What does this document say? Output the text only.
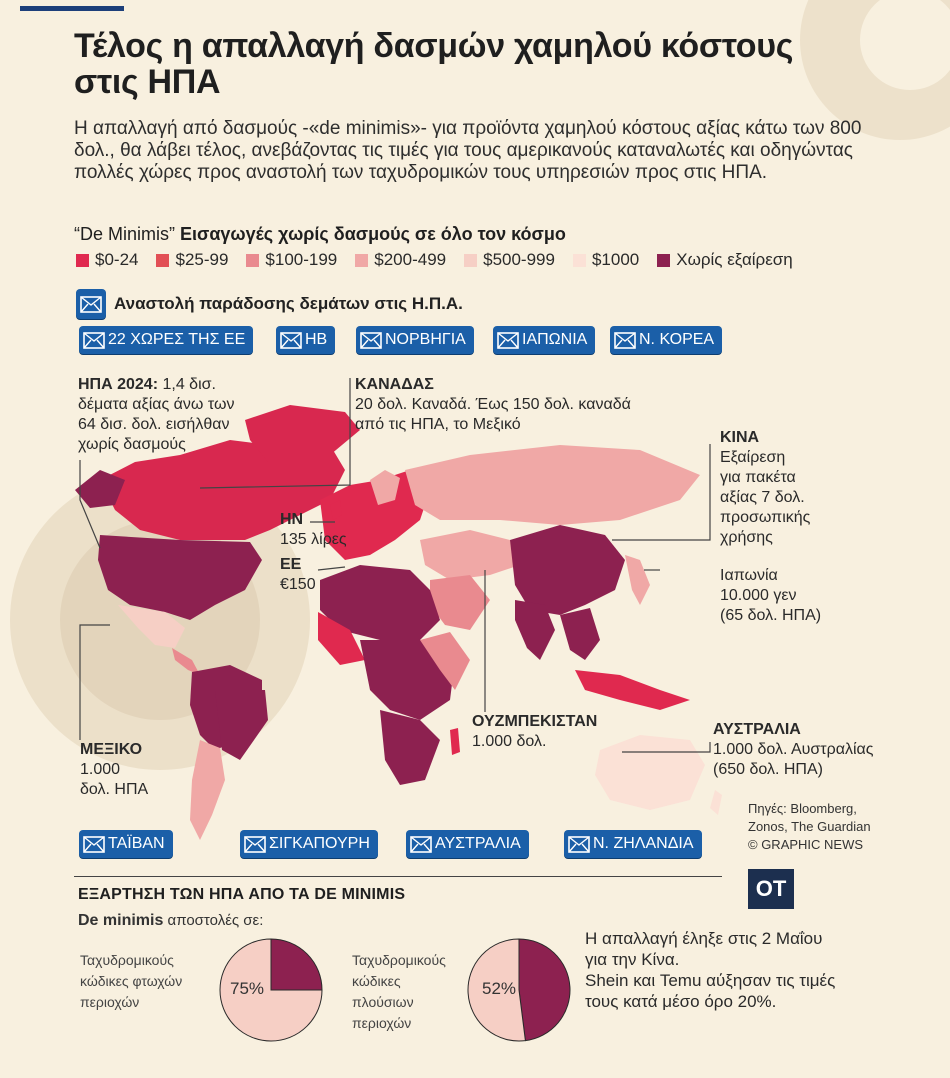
Τέλος η απαλλαγή δασμών χαμηλού κόστους στις ΗΠΑ
Η απαλλαγή από δασμούς -«de minimis»- για προϊόντα χαμηλού κόστους αξίας κάτω των 800 δολ., θα λάβει τέλος, ανεβάζοντας τις τιμές για τους αμερικανούς καταναλωτές και οδηγώντας πολλές χώρες προς αναστολή των ταχυδρομικών τους υπηρεσιών προς στις ΗΠΑ.
“De Minimis” Εισαγωγές χωρίς δασμούς σε όλο τον κόσμο
$0-24 $25-99 $100-199 $200-499 $500-999 $1000 Χωρίς εξαίρεση
Αναστολή παράδοσης δεμάτων στις Η.Π.Α.
22 ΧΩΡΕΣ ΤΗΣ ΕΕ	ΗΒ	ΝΟΡΒΗΓΙΑ	ΙΑΠΩΝΙΑ	Ν. ΚΟΡΕΑ
ΗΠΑ 2024: 1,4 δισ.
δέματα αξίας άνω των
64 δισ. δολ. εισήλθαν
χωρίς δασμούς
ΚΑΝΑΔΑΣ
20 δολ. Καναδά. Έως 150 δολ. καναδά
από τις ΗΠΑ, το Μεξικό
ΗΝ
135 λίρες
ΕΕ
€150
ΚΙΝΑ
Εξαίρεση
για πακέτα
αξίας 7 δολ.
προσωπικής
χρήσης
Ιαπωνία
10.000 γεν
(65 δολ. ΗΠΑ)
ΟΥΖΜΠΕΚΙΣΤΑΝ
1.000 δολ.
ΑΥΣΤΡΑΛΙΑ
1.000 δολ. Αυστραλίας
(650 δολ. ΗΠΑ)
ΜΕΞΙΚΟ
1.000
δολ. ΗΠΑ
Πηγές: Bloomberg,
Zonos, The Guardian
© GRAPHIC NEWS
ΤΑΪΒΑΝ	ΣΙΓΚΑΠΟΥΡΗ	ΑΥΣΤΡΑΛΙΑ	Ν. ΖΗΛΑΝΔΙΑ
OT
ΕΞΑΡΤΗΣΗ ΤΩΝ ΗΠΑ ΑΠΟ ΤΑ DE MINIMIS
De minimis αποστολές σε:
Ταχυδρομικούς
κώδικες φτωχών
περιοχών
Ταχυδρομικούς
κώδικες
πλούσιων
περιοχών
75%	52%
Η απαλλαγή έληξε στις 2 Μαΐου
για την Κίνα.
Shein και Temu αύξησαν τις τιμές
τους κατά μέσο όρο 20%.
